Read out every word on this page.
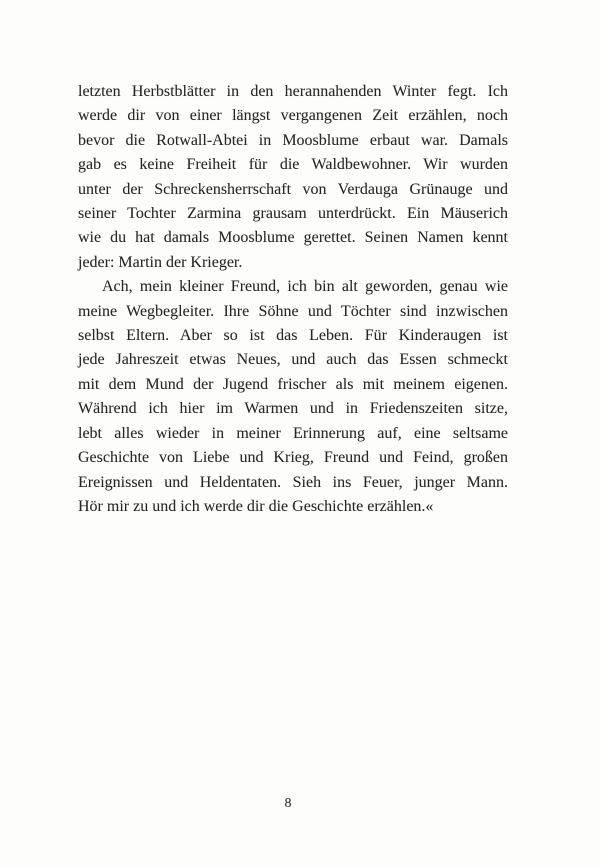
letzten Herbstblätter in den herannahenden Winter fegt. Ich
werde dir von einer längst vergangenen Zeit erzählen, noch
bevor die Rotwall-Abtei in Moosblume erbaut war. Damals
gab es keine Freiheit für die Waldbewohner. Wir wurden
unter der Schreckensherrschaft von Verdauga Grünauge und
seiner Tochter Zarmina grausam unterdrückt. Ein Mäuserich
wie du hat damals Moosblume gerettet. Seinen Namen kennt
jeder: Martin der Krieger.
Ach, mein kleiner Freund, ich bin alt geworden, genau wie
meine Wegbegleiter. Ihre Söhne und Töchter sind inzwischen
selbst Eltern. Aber so ist das Leben. Für Kinderaugen ist
jede Jahreszeit etwas Neues, und auch das Essen schmeckt
mit dem Mund der Jugend frischer als mit meinem eigenen.
Während ich hier im Warmen und in Friedenszeiten sitze,
lebt alles wieder in meiner Erinnerung auf, eine seltsame
Geschichte von Liebe und Krieg, Freund und Feind, großen
Ereignissen und Heldentaten. Sieh ins Feuer, junger Mann.
Hör mir zu und ich werde dir die Geschichte erzählen.«
8
